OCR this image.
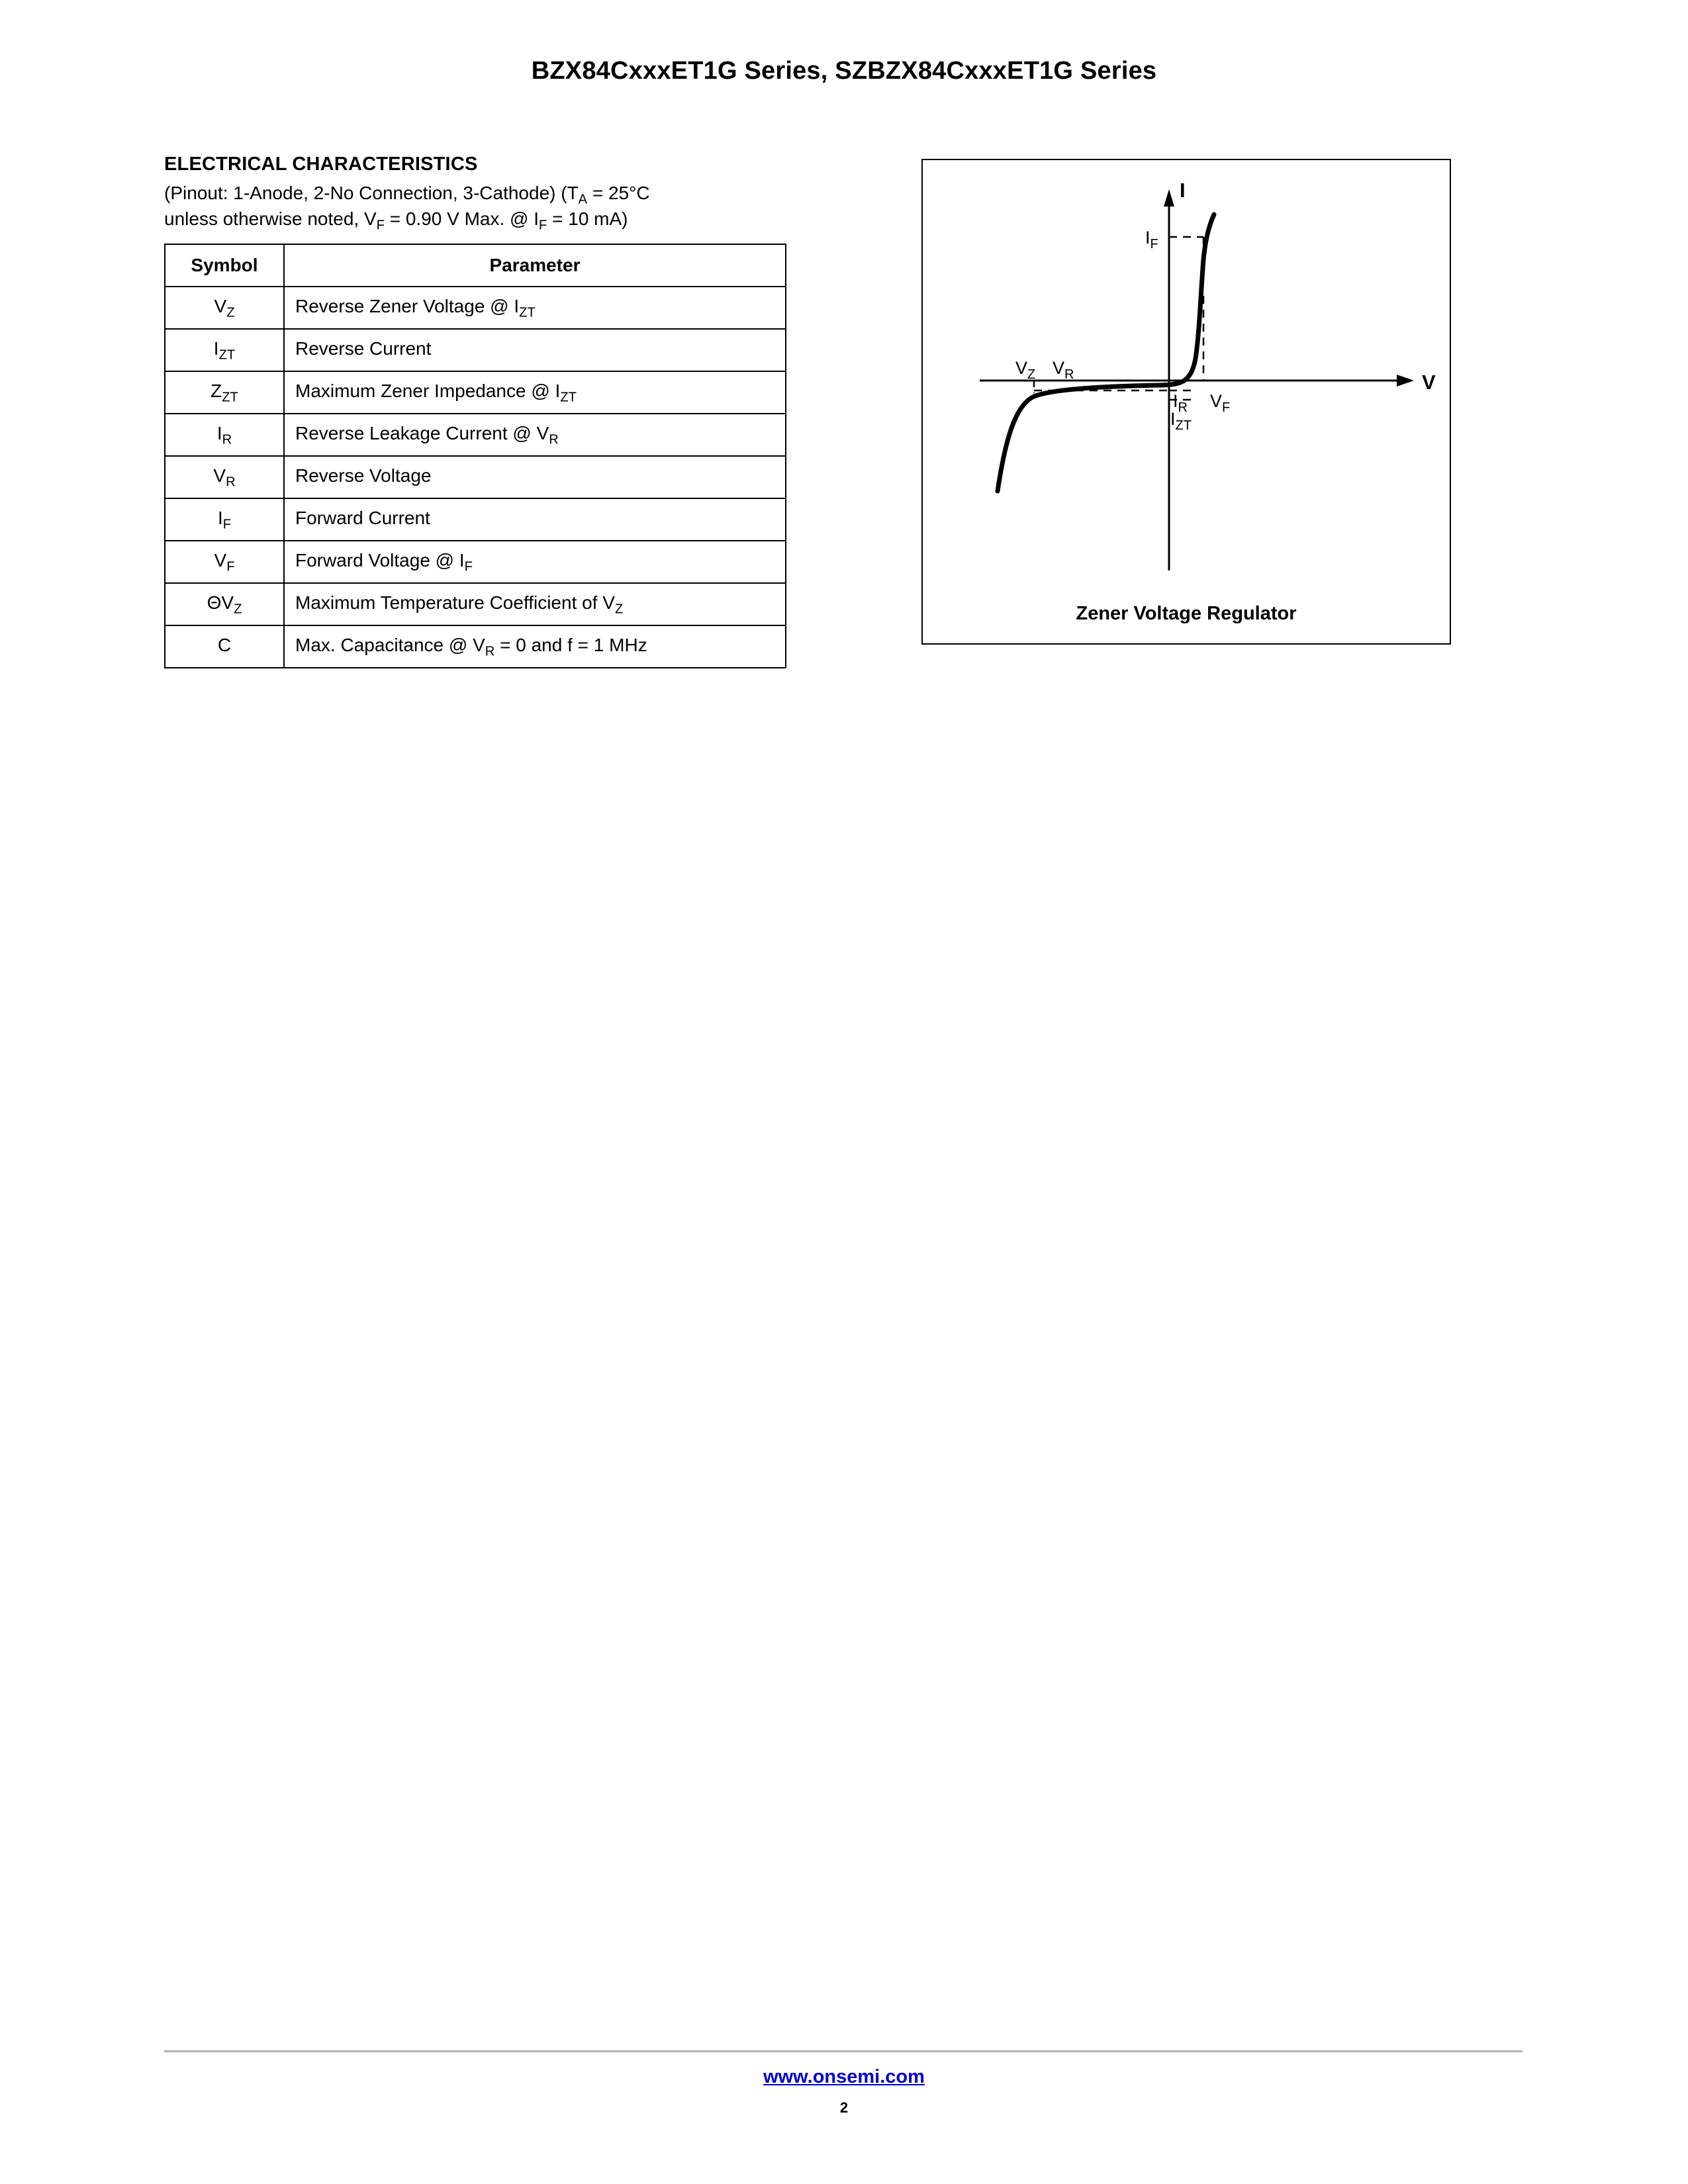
BZX84CxxxET1G Series, SZBZX84CxxxET1G Series
ELECTRICAL CHARACTERISTICS

(Pinout: 1-Anode, 2-No Connection, 3-Cathode) ($T_A = 25^\circ C$

unless otherwise noted, $V_F = 0.90$ V Max. @ $I_F = 10$ mA)

Symbol	Parameter
$V_Z$	Reverse Zener Voltage @ $I_{ZT}$
$I_{ZT}$	Reverse Current
$Z_{ZT}$	Maximum Zener Impedance @ $I_{ZT}$
$I_R$	Reverse Leakage Current @ $V_R$
$V_R$	Reverse Voltage
$I_F$	Forward Current
$V_F$	Forward Voltage @ $I_F$
$\Theta V_Z$	Maximum Temperature Coefficient of $V_Z$
C	Max. Capacitance @ $V_R = 0$ and f = 1 MHz
I
V
$I_F$
$V_Z$ $V_R$
$I_R$
$I_{ZT}$
$V_F$
Zener Voltage Regulator
www.onsemi.com
2
